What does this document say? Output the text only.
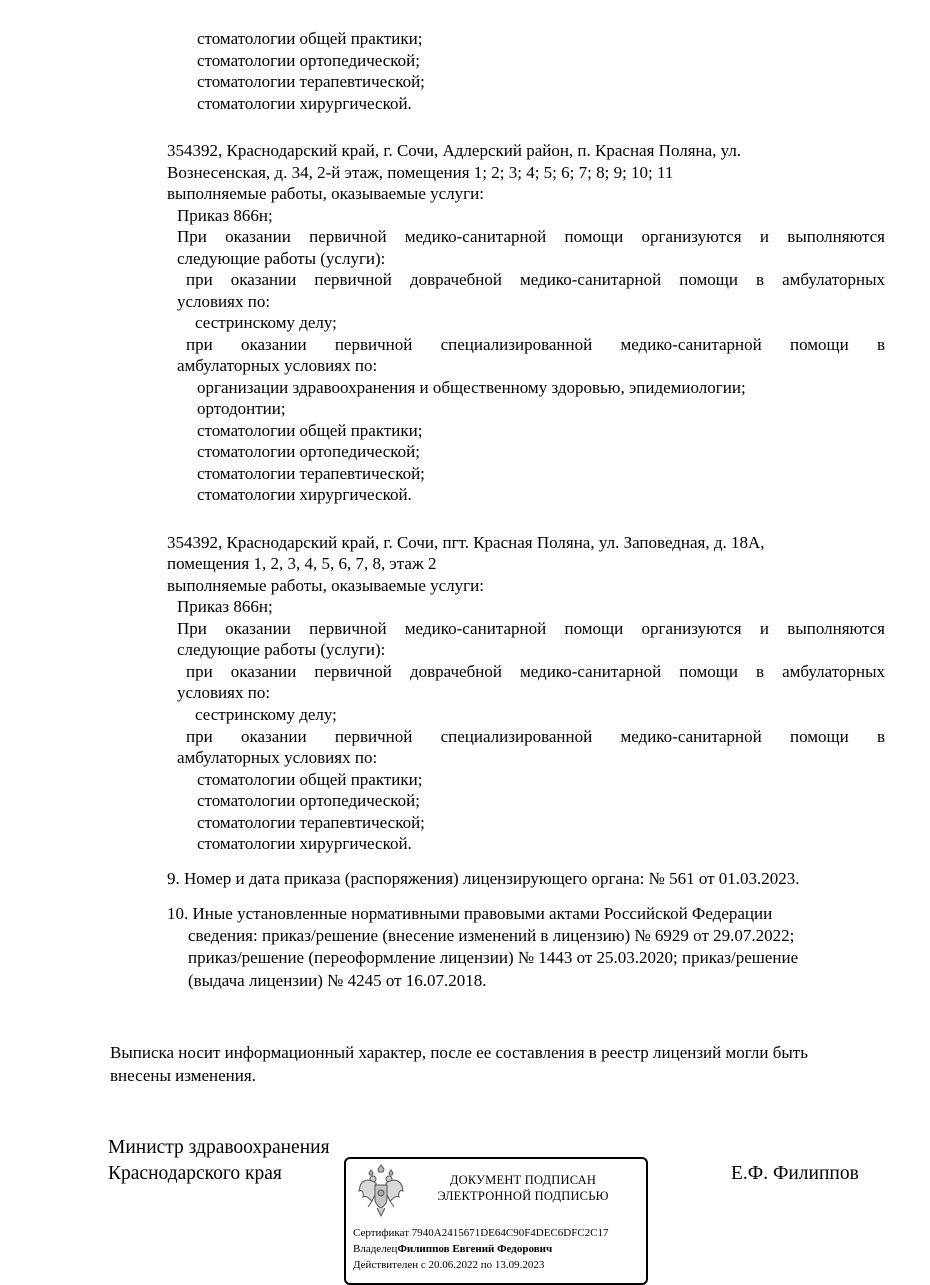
стоматологии общей практики;
стоматологии ортопедической;
стоматологии терапевтической;
стоматологии хирургической.
354392, Краснодарский край, г. Сочи, Адлерский район, п. Красная Поляна, ул.
Вознесенская, д. 34, 2-й этаж, помещения 1; 2; 3; 4; 5; 6; 7; 8; 9; 10; 11
выполняемые работы, оказываемые услуги:
Приказ 866н;
При оказании первичной медико-санитарной помощи организуются и выполняются
следующие работы (услуги):
при оказании первичной доврачебной медико-санитарной помощи в амбулаторных
условиях по:
сестринскому делу;
при оказании первичной специализированной медико-санитарной помощи в
амбулаторных условиях по:
организации здравоохранения и общественному здоровью, эпидемиологии;
ортодонтии;
стоматологии общей практики;
стоматологии ортопедической;
стоматологии терапевтической;
стоматологии хирургической.
354392, Краснодарский край, г. Сочи, пгт. Красная Поляна, ул. Заповедная, д. 18А,
помещения 1, 2, 3, 4, 5, 6, 7, 8, этаж 2
выполняемые работы, оказываемые услуги:
Приказ 866н;
При оказании первичной медико-санитарной помощи организуются и выполняются
следующие работы (услуги):
при оказании первичной доврачебной медико-санитарной помощи в амбулаторных
условиях по:
сестринскому делу;
при оказании первичной специализированной медико-санитарной помощи в
амбулаторных условиях по:
стоматологии общей практики;
стоматологии ортопедической;
стоматологии терапевтической;
стоматологии хирургической.
9. Номер и дата приказа (распоряжения) лицензирующего органа: № 561 от 01.03.2023.
10. Иные установленные нормативными правовыми актами Российской Федерации
сведения: приказ/решение (внесение изменений в лицензию) № 6929 от 29.07.2022;
приказ/решение (переоформление лицензии) № 1443 от 25.03.2020; приказ/решение
(выдача лицензии) № 4245 от 16.07.2018.
Выписка носит информационный характер, после ее составления в реестр лицензий могли быть
внесены изменения.
Министр здравоохранения
Краснодарского края	Е.Ф. Филиппов
ДОКУМЕНТ ПОДПИСАН
ЭЛЕКТРОННОЙ ПОДПИСЬЮ
Сертификат 7940A2415671DE64C90F4DEC6DFC2C17
ВладелецФилиппов Евгений Федорович
Действителен с 20.06.2022 по 13.09.2023
